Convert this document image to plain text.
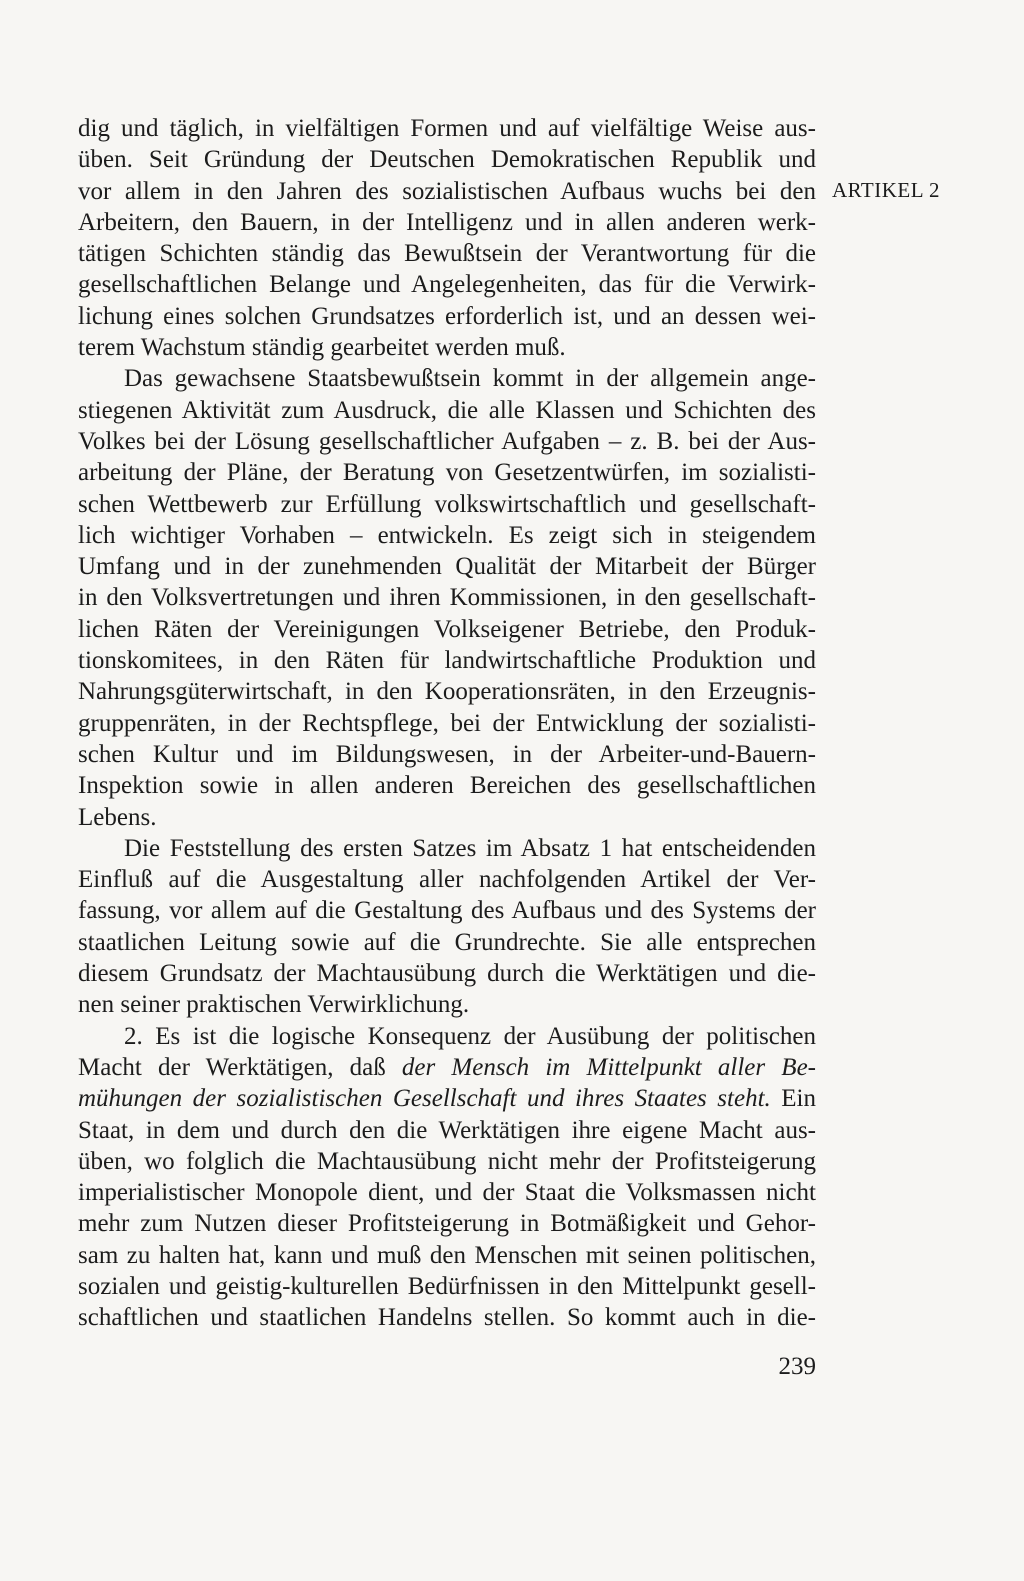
dig und täglich, in vielfältigen Formen und auf vielfältige Weise aus-
üben. Seit Gründung der Deutschen Demokratischen Republik und
vor allem in den Jahren des sozialistischen Aufbaus wuchs bei den
Arbeitern, den Bauern, in der Intelligenz und in allen anderen werk-
tätigen Schichten ständig das Bewußtsein der Verantwortung für die
gesellschaftlichen Belange und Angelegenheiten, das für die Verwirk-
lichung eines solchen Grundsatzes erforderlich ist, und an dessen wei-
terem Wachstum ständig gearbeitet werden muß.
Das gewachsene Staatsbewußtsein kommt in der allgemein ange-
stiegenen Aktivität zum Ausdruck, die alle Klassen und Schichten des
Volkes bei der Lösung gesellschaftlicher Aufgaben – z. B. bei der Aus-
arbeitung der Pläne, der Beratung von Gesetzentwürfen, im sozialisti-
schen Wettbewerb zur Erfüllung volkswirtschaftlich und gesellschaft-
lich wichtiger Vorhaben – entwickeln. Es zeigt sich in steigendem
Umfang und in der zunehmenden Qualität der Mitarbeit der Bürger
in den Volksvertretungen und ihren Kommissionen, in den gesellschaft-
lichen Räten der Vereinigungen Volkseigener Betriebe, den Produk-
tionskomitees, in den Räten für landwirtschaftliche Produktion und
Nahrungsgüterwirtschaft, in den Kooperationsräten, in den Erzeugnis-
gruppenräten, in der Rechtspflege, bei der Entwicklung der sozialisti-
schen Kultur und im Bildungswesen, in der Arbeiter-und-Bauern-
Inspektion sowie in allen anderen Bereichen des gesellschaftlichen
Lebens.
Die Feststellung des ersten Satzes im Absatz 1 hat entscheidenden
Einfluß auf die Ausgestaltung aller nachfolgenden Artikel der Ver-
fassung, vor allem auf die Gestaltung des Aufbaus und des Systems der
staatlichen Leitung sowie auf die Grundrechte. Sie alle entsprechen
diesem Grundsatz der Machtausübung durch die Werktätigen und die-
nen seiner praktischen Verwirklichung.
2. Es ist die logische Konsequenz der Ausübung der politischen
Macht der Werktätigen, daß der Mensch im Mittelpunkt aller Be-
mühungen der sozialistischen Gesellschaft und ihres Staates steht. Ein
Staat, in dem und durch den die Werktätigen ihre eigene Macht aus-
üben, wo folglich die Machtausübung nicht mehr der Profitsteigerung
imperialistischer Monopole dient, und der Staat die Volksmassen nicht
mehr zum Nutzen dieser Profitsteigerung in Botmäßigkeit und Gehor-
sam zu halten hat, kann und muß den Menschen mit seinen politischen,
sozialen und geistig-kulturellen Bedürfnissen in den Mittelpunkt gesell-
schaftlichen und staatlichen Handelns stellen. So kommt auch in die-
ARTIKEL 2
239
